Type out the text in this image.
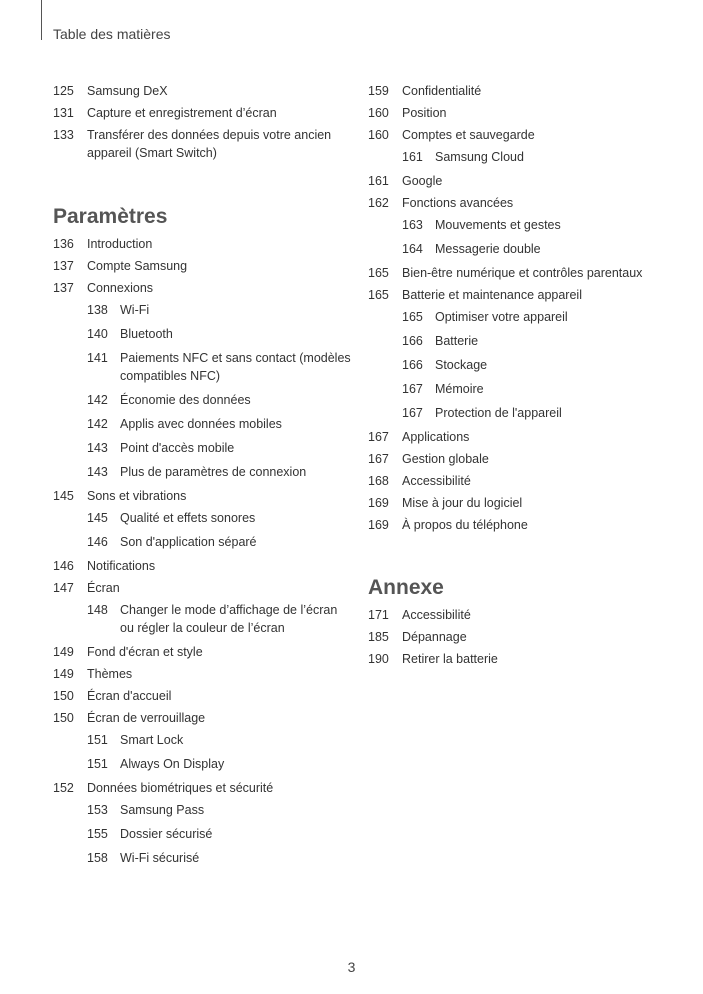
Table des matières
125	Samsung DeX
131	Capture et enregistrement d’écran
133	Transférer des données depuis votre ancien appareil (Smart Switch)
Paramètres
136	Introduction
137	Compte Samsung
137	Connexions
138 Wi-Fi
140 Bluetooth
141 Paiements NFC et sans contact (modèles compatibles NFC)
142 Économie des données
142 Applis avec données mobiles
143 Point d'accès mobile
143 Plus de paramètres de connexion
145	Sons et vibrations
145 Qualité et effets sonores
146 Son d'application séparé
146	Notifications
147	Écran
148 Changer le mode d’affichage de l’écran ou régler la couleur de l’écran
149	Fond d'écran et style
149	Thèmes
150	Écran d'accueil
150	Écran de verrouillage
151 Smart Lock
151 Always On Display
152	Données biométriques et sécurité
153 Samsung Pass
155 Dossier sécurisé
158 Wi-Fi sécurisé
159	Confidentialité
160	Position
160	Comptes et sauvegarde
161 Samsung Cloud
161	Google
162	Fonctions avancées
163 Mouvements et gestes
164 Messagerie double
165	Bien-être numérique et contrôles parentaux
165	Batterie et maintenance appareil
165 Optimiser votre appareil
166 Batterie
166 Stockage
167 Mémoire
167 Protection de l'appareil
167	Applications
167	Gestion globale
168	Accessibilité
169	Mise à jour du logiciel
169	À propos du téléphone
Annexe
171	Accessibilité
185	Dépannage
190	Retirer la batterie
3
